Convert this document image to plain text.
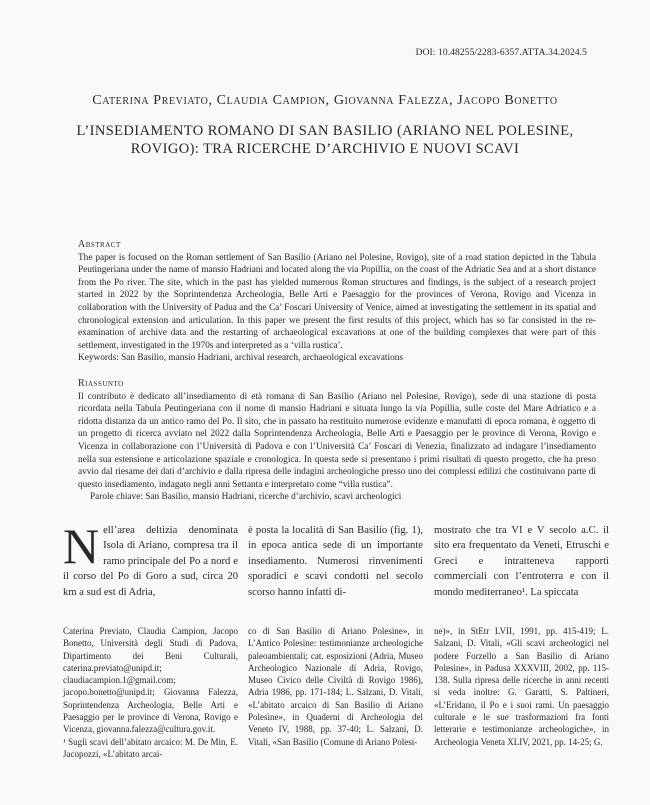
DOI: 10.48255/2283-6357.ATTA.34.2024.5
Caterina Previato, Claudia Campion, Giovanna Falezza, Jacopo Bonetto
L’INSEDIAMENTO ROMANO DI SAN BASILIO (ARIANO NEL POLESINE, ROVIGO): TRA RICERCHE D’ARCHIVIO E NUOVI SCAVI
Abstract

The paper is focused on the Roman settlement of San Basilio (Ariano nel Polesine, Rovigo), site of a road station depicted in the Tabula Peutingeriana under the name of mansio Hadriani and located along the via Popillia, on the coast of the Adriatic Sea and at a short distance from the Po river. The site, which in the past has yielded numerous Roman structures and findings, is the subject of a research project started in 2022 by the Soprintendenza Archeologia, Belle Arti e Paesaggio for the provinces of Verona, Rovigo and Vicenza in collaboration with the University of Padua and the Ca’ Foscari University of Venice, aimed at investigating the settlement in its spatial and chronological extension and articulation. In this paper we present the first results of this project, which has so far consisted in the re-examination of archive data and the restarting of archaeological excavations at one of the building complexes that were part of this settlement, investigated in the 1970s and interpreted as a ‘villa rustica’.

Keywords: San Basilio, mansio Hadriani, archival research, archaeological excavations

Riassunto

Il contributo è dedicato all’insediamento di età romana di San Basilio (Ariano nel Polesine, Rovigo), sede di una stazione di posta ricordata nella Tabula Peutingeriana con il nome di mansio Hadriani e situata lungo la via Popillia, sulle coste del Mare Adriatico e a ridotta distanza da un antico ramo del Po. Il sito, che in passato ha restituito numerose evidenze e manufatti di epoca romana, è oggetto di un progetto di ricerca avviato nel 2022 dalla Soprintendenza Archeologia, Belle Arti e Paesaggio per le province di Verona, Rovigo e Vicenza in collaborazione con l’Università di Padova e con l’Università Ca’ Foscari di Venezia, finalizzato ad indagare l’insediamento nella sua estensione e articolazione spaziale e cronologica. In questa sede si presentano i primi risultati di questo progetto, che ha preso avvio dal riesame dei dati d’archivio e dalla ripresa delle indagini archeologiche presso uno dei complessi edilizi che costituivano parte di questo insediamento, indagato negli anni Settanta e interpretato come “villa rustica”.

Parole chiave: San Basilio, mansio Hadriani, ricerche d’archivio, scavi archeologici

N ell’area deltizia denominata Isola di Ariano, compresa tra il ramo principale del Po a nord e il corso del Po di Goro a sud, circa 20 km a sud est di Adria,
è posta la località di San Basilio (fig. 1), in epoca antica sede di un importante insediamento. Numerosi rinvenimenti sporadici e scavi condotti nel secolo scorso hanno infatti di-
mostrato che tra VI e V secolo a.C. il sito era frequentato da Veneti, Etruschi e Greci e intratteneva rapporti commerciali con l’entroterra e con il mondo mediterraneo¹. La spiccata
Caterina Previato, Claudia Campion, Jacopo Bonetto, Università degli Studi di Padova, Dipartimento dei Beni Culturali, caterina.previato@unipd.it; claudiacampion.1@gmail.com; jacopo.bonetto@unipd.it; Giovanna Falezza, Soprintendenza Archeologia, Belle Arti e Paesaggio per le province di Verona, Rovigo e Vicenza, giovanna.falezza@cultura.gov.it.
¹ Sugli scavi dell’abitato arcaico: M. De Min, E. Jacopozzi, «L’abitato arcai-
co di San Basilio di Ariano Polesine», in L’Antico Polesine: testimonianze archeologiche paleoambientali; cat. esposizioni (Adria, Museo Archeologico Nazionale di Adria, Rovigo, Museo Civico delle Civiltà di Rovigo 1986), Adria 1986, pp. 171-184; L. Salzani, D. Vitali, «L’abitato arcaico di San Basilio di Ariano Polesine», in Quaderni di Archeologia del Veneto IV, 1988, pp. 37-40; L. Salzani, D. Vitali, «San Basilio (Comune di Ariano Polesi-
ne)», in StEtr LVII, 1991, pp. 415-419; L. Salzani, D. Vitali, «Gli scavi archeologici nel podere Forzello a San Basilio di Ariano Polesine», in Padusa XXXVIII, 2002, pp. 115-138. Sulla ripresa delle ricerche in anni recenti si veda inoltre: G. Garatti, S. Paltineri, «L’Eridano, il Po e i suoi rami. Un paesaggio culturale e le sue trasformazioni fra fonti letterarie e testimonianze archeologiche», in Archeologia Veneta XLIV, 2021, pp. 14-25; G.
